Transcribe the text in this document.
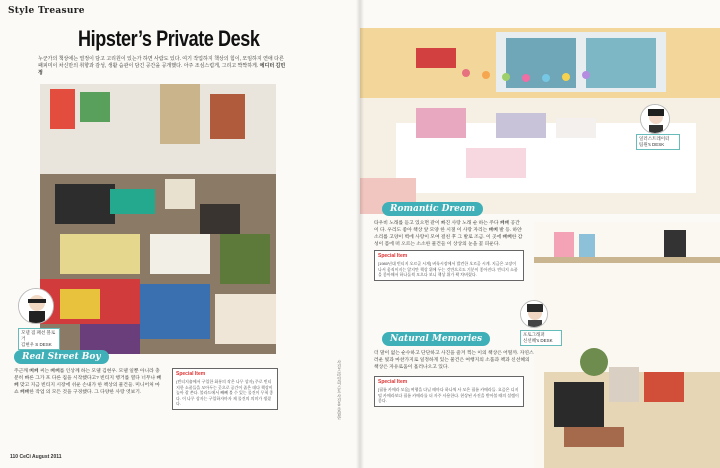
Style Treasure
Hipster’s Private Desk
누군가의 책상에는 열정이 담고 고리원이 있는가 하면 사람도 있다. 여기 작업하지 책상의 힘이, 모임하지 연애 다른 패피미이 차신만의 취향과 감성, 생활 습관이 담긴 공간을 공개했다. 아주 조심스럽게, 그리고 짝짝하게. 에디터 김민정
모델 겸 패션 블로거
김현우 S DESK
Real Street Boy
주근깨 빼빼 씨는 빼빼를 인상께 하는 모델 김현우. 모델 일뿐 아니라 충분히 빠른 그가 포 다른 집을 시작했다고? 빈티지 행거를 열다 너무나 빼빼 맞고 지금 빈티지 시장에 쉬운 손내가 한 책상의 물건들. 미니어처 마 쇼 빼빼한 작업 의 모든 것을 구경했다. 그 다양한 사랑 엿보기.
Special Item
(빈티지숍에서 구입한 화룡의 작은 나무 상자) 주로 빈티지한 소품들을 모아두는 곳으로 공간이 좁은 데다 책상이 높아 잘 쓴다. 볼라드에서 빼빼 볼 수 있는 물건이 무척 좋다. 이 나무 상자는 구입하자마자 제 물건의 의미가 생겼다.	사진/스타일리스트 사진을 클립한
110 CeCi August 2011
일러스트레이터
팀원's DESK
Romantic Dream
타우비 노래를 듣고 있으면 같이 빠진 사랑 노래 순 하는 주다 빼빼 공간이 다. 우리도 좋아 책상 앞 모양 한 시절 이 사랑 자리는 빼빼 발 등. 하얀 소리를 고양이 벽에 사랑이 모여 걸친 후 그 발로 조금. 이 곳에 빼빼한 감성이 몸에 떠 오르는 소소한 물건들 이 상상의 눈을 꽃 피운다.
Special Item
[1980년대 빈티지 오르골 시계] 벼룩시장에서 발견한 오르골 시계. 지금은 고장이 나서 움직이지는 않지만 책상 위에 두는 것만으로도 기분이 좋아진다. 빈티지 소품을 좋아해서 하나둘씩 모으다 보니 책상 위가 꽉 차버렸다.
Natural Memories
더 말이 없는 순수하고 단단하고 사진을 즐겨 찍는 이의 책상은 어떨까. 자연스러운 빛과 마찬가지로 일정하게 있는 물건은 여행지의 소품과 책과 신선혜의 책상은 자유로움이 흘러나오고 있다.
Special Item
[필름 카메라 모음] 여행을 다닐 때마다 하나씩 사 모은 필름 카메라들. 요즘은 디지털 카메라보다 필름 카메라를 더 자주 사용한다. 현상된 사진을 받아볼 때의 설렘이 좋다.
포토그래퍼
신선혜's DESK
